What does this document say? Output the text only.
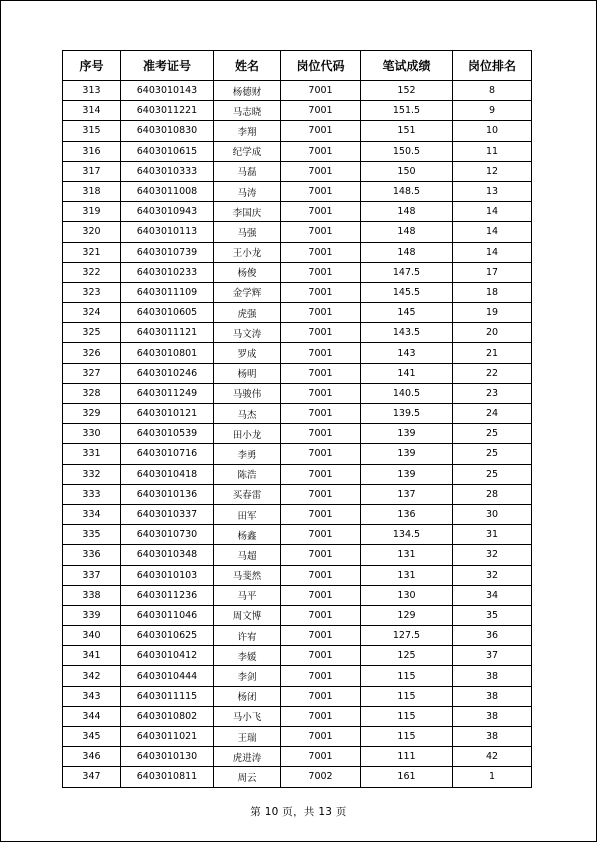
序号	准考证号	姓名	岗位代码	笔试成绩	岗位排名
313	6403010143	杨德财	7001	152	8
314	6403011221	马志晓	7001	151.5	9
315	6403010830	李翔	7001	151	10
316	6403010615	纪学成	7001	150.5	11
317	6403010333	马磊	7001	150	12
318	6403011008	马涛	7001	148.5	13
319	6403010943	李国庆	7001	148	14
320	6403010113	马强	7001	148	14
321	6403010739	王小龙	7001	148	14
322	6403010233	杨俊	7001	147.5	17
323	6403011109	金学辉	7001	145.5	18
324	6403010605	虎强	7001	145	19
325	6403011121	马文涛	7001	143.5	20
326	6403010801	罗成	7001	143	21
327	6403010246	杨明	7001	141	22
328	6403011249	马骏伟	7001	140.5	23
329	6403010121	马杰	7001	139.5	24
330	6403010539	田小龙	7001	139	25
331	6403010716	李勇	7001	139	25
332	6403010418	陈浩	7001	139	25
333	6403010136	买春雷	7001	137	28
334	6403010337	田军	7001	136	30
335	6403010730	杨鑫	7001	134.5	31
336	6403010348	马超	7001	131	32
337	6403010103	马斐然	7001	131	32
338	6403011236	马平	7001	130	34
339	6403011046	周文博	7001	129	35
340	6403010625	许宥	7001	127.5	36
341	6403010412	李媛	7001	125	37
342	6403010444	李剑	7001	115	38
343	6403011115	杨闭	7001	115	38
344	6403010802	马小飞	7001	115	38
345	6403011021	王瑞	7001	115	38
346	6403010130	虎进涛	7001	111	42
347	6403010811	周云	7002	161	1
第 10 页，共 13 页
